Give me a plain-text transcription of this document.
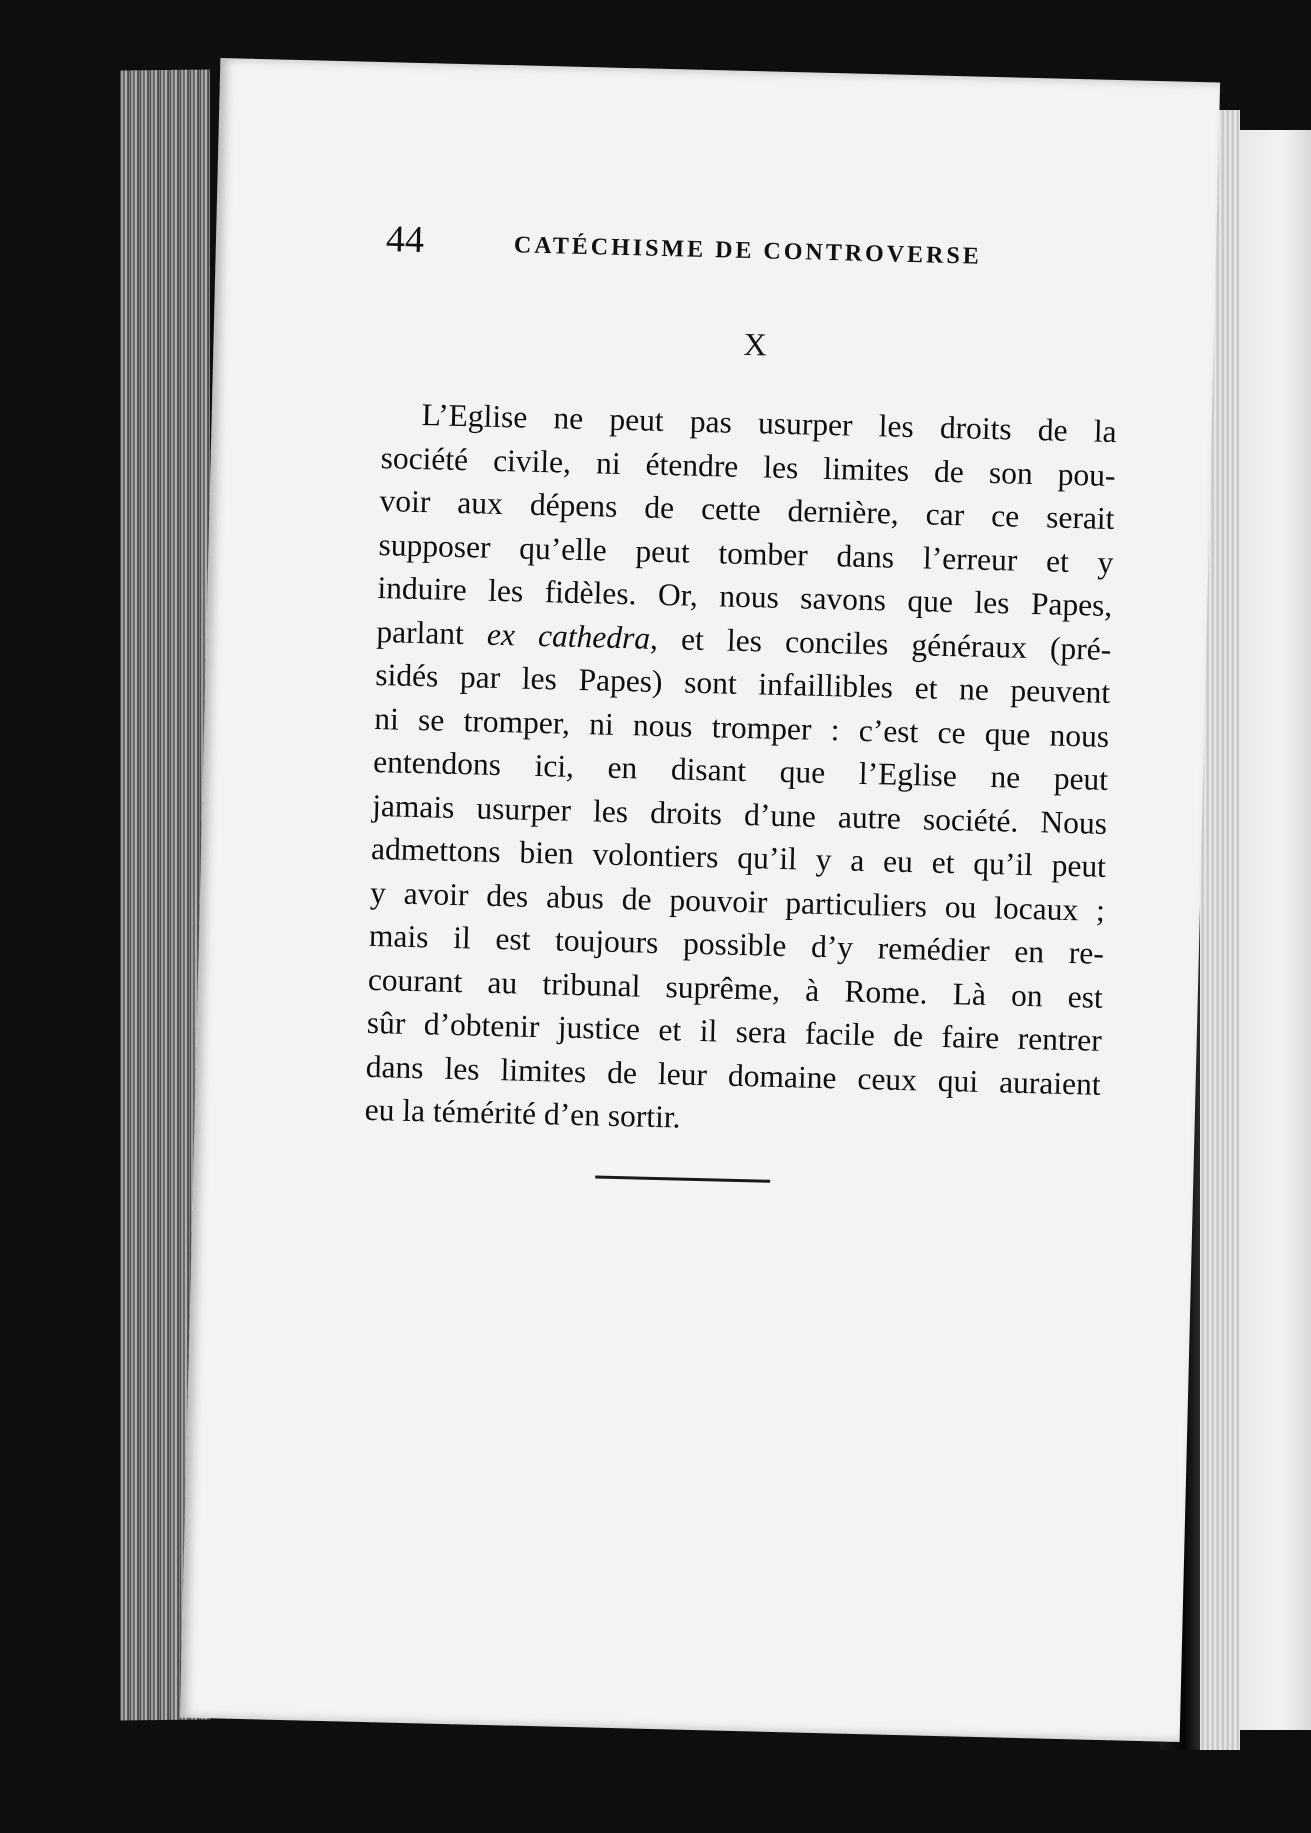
44	CATÉCHISME DE CONTROVERSE
X
L’Eglise ne peut pas usurper les droits de la
société civile, ni étendre les limites de son pou-
voir aux dépens de cette dernière, car ce serait
supposer qu’elle peut tomber dans l’erreur et y
induire les fidèles. Or, nous savons que les Papes,
parlant ex cathedra, et les conciles généraux (pré-
sidés par les Papes) sont infaillibles et ne peuvent
ni se tromper, ni nous tromper : c’est ce que nous
entendons ici, en disant que l’Eglise ne peut
jamais usurper les droits d’une autre société. Nous
admettons bien volontiers qu’il y a eu et qu’il peut
y avoir des abus de pouvoir particuliers ou locaux ;
mais il est toujours possible d’y remédier en re-
courant au tribunal suprême, à Rome. Là on est
sûr d’obtenir justice et il sera facile de faire rentrer
dans les limites de leur domaine ceux qui auraient
eu la témérité d’en sortir.
